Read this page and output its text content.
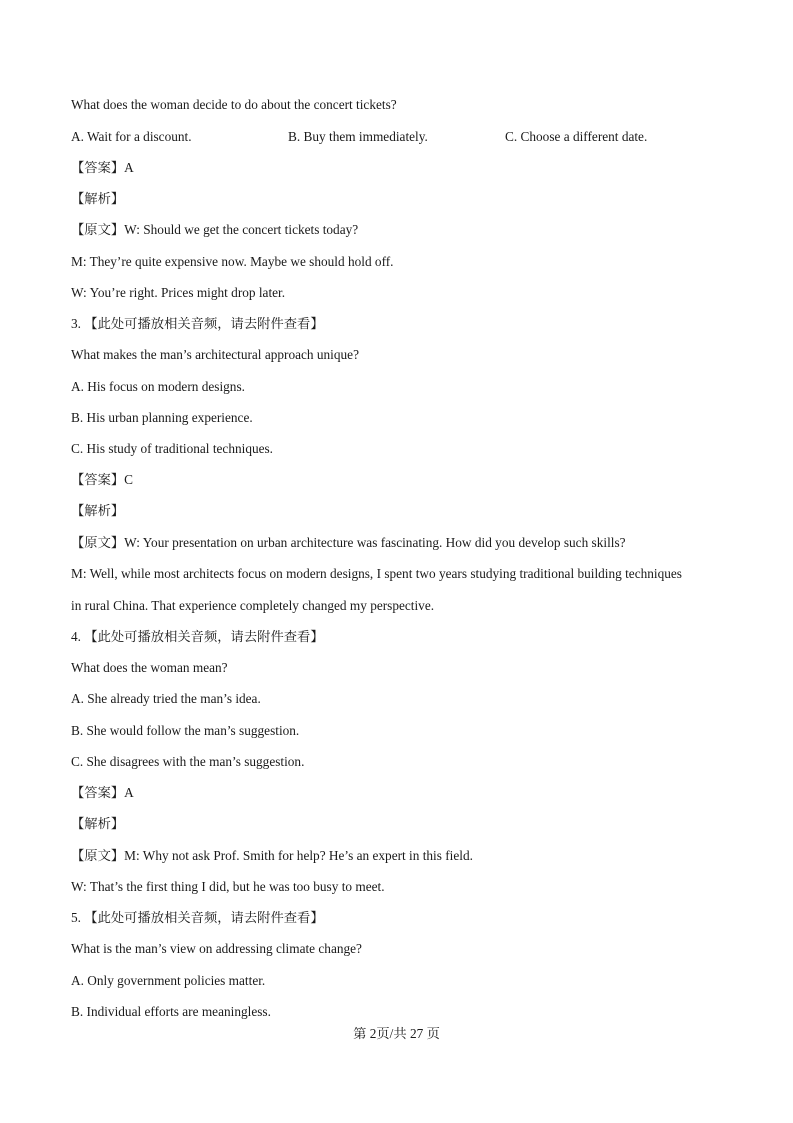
What does the woman decide to do about the concert tickets?
A. Wait for a discount.	B. Buy them immediately.	C. Choose a different date.
【答案】A
【解析】
【原文】W: Should we get the concert tickets today?
M: They’re quite expensive now. Maybe we should hold off.
W: You’re right. Prices might drop later.
3. 【此处可播放相关音频，请去附件查看】
What makes the man’s architectural approach unique?
A. His focus on modern designs.
B. His urban planning experience.
C. His study of traditional techniques.
【答案】C
【解析】
【原文】W: Your presentation on urban architecture was fascinating. How did you develop such skills?
M: Well, while most architects focus on modern designs, I spent two years studying traditional building techniques
in rural China. That experience completely changed my perspective.
4. 【此处可播放相关音频，请去附件查看】
What does the woman mean?
A. She already tried the man’s idea.
B. She would follow the man’s suggestion.
C. She disagrees with the man’s suggestion.
【答案】A
【解析】
【原文】M: Why not ask Prof. Smith for help? He’s an expert in this field.
W: That’s the first thing I did, but he was too busy to meet.
5. 【此处可播放相关音频，请去附件查看】
What is the man’s view on addressing climate change?
A. Only government policies matter.
B. Individual efforts are meaningless.
第 2页/共 27 页
